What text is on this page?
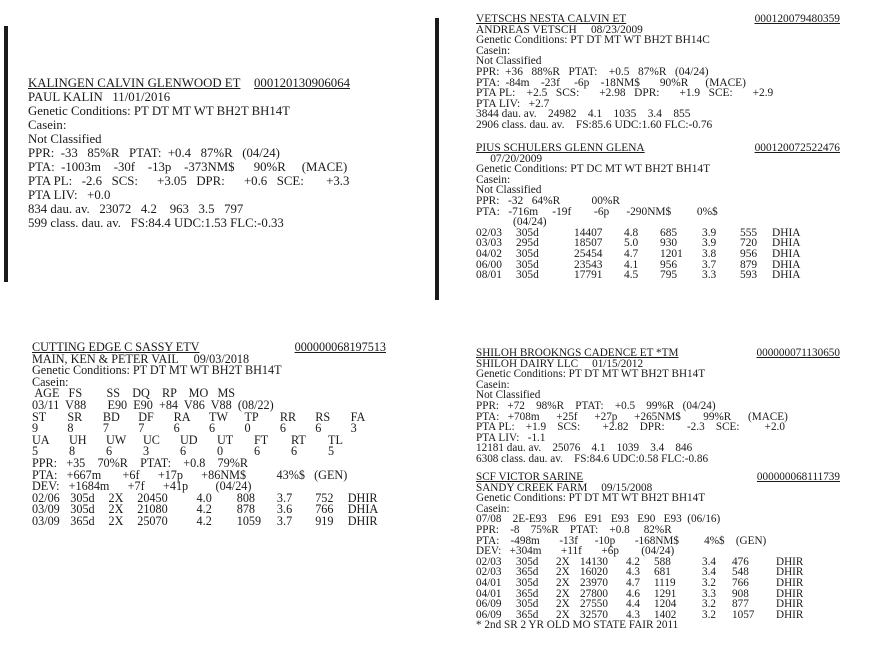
KALINGEN CALVIN GLENWOOD ET 000120130906064
PAUL KALIN   11/01/2016
Genetic Conditions: PT DT MT WT BH2T BH14T
Casein:
Not Classified
PPR:  -33   85%R   PTAT:  +0.4   87%R   (04/24)
PTA:  -1003m    -30f    -13p    -373NM$      90%R     (MACE)
PTA PL:   -2.6   SCS:      +3.05   DPR:      +0.6   SCE:       +3.3
PTA LIV:   +0.0
834 dau. av.   23072   4.2    963   3.5   797
599 class. dau. av.   FS:84.4 UDC:1.53 FLC:-0.33
VETSCHS NESTA CALVIN ET	000120079480359
ANDREAS VETSCH     08/23/2009
Genetic Conditions: PT DT MT WT BH2T BH14C
Casein:
Not Classified
PPR:  +36   88%R   PTAT:    +0.5   87%R   (04/24)
PTA:  -84m    -23f     -6p    -18NM$       90%R      (MACE)
PTA PL:    +2.5   SCS:       +2.98   DPR:       +1.9   SCE:       +2.9
PTA LIV:   +2.7
3844 dau. av.    24982    4.1    1035    3.4    855
2906 class. dau. av.    FS:85.6 UDC:1.60 FLC:-0.76
PIUS SCHULERS GLENN GLENA	000120072522476
07/20/2009
Genetic Conditions: PT DC MT WT BH2T BH14T
Casein:
Not Classified
PPR:   -32   64%R           00%R
PTA:   -716m     -19f        -6p      -290NM$         0%$
(04/24)
02/03	305d	14407	4.8	685	3.9	555	DHIA
03/03	295d	18507	5.0	930	3.9	720	DHIA
04/02	305d	25454	4.7	1201	3.8	956	DHIA
06/00	305d	23543	4.1	956	3.7	879	DHIA
08/01	305d	17791	4.5	795	3.3	593	DHIA
CUTTING EDGE C SASSY ETV	000000068197513
MAIN, KEN & PETER VAIL     09/03/2018
Genetic Conditions: PT DT MT WT BH2T BH14T
Casein:
AGE   FS        SS    DQ    RP    MO   MS
03/11  V88       E90  E90  +84  V86  V88  (08/22)
ST	SR	BD	DF	RA	TW	TP	RR	RS	FA
9	8	7	7	6	6	0	6	6	3
UA	UH	UW	UC	UD	UT	FT	RT	TL
5	8	6	3	6	0	6	6	5
PPR:   +35    70%R    PTAT:    +0.8    79%R
PTA:   +667m       +6f      +17p      +86NM$          43%$   (GEN)
DEV:   +1684m      +7f      +41p         (04/24)
02/06 305d	2X	20450	4.0	808	3.7	752	DHIR
03/09 305d	2X	21080	4.2	878	3.6	766	DHIA
03/09 365d	2X	25070	4.2	1059	3.7	919	DHIR
SHILOH BROOKNGS CADENCE ET *TM	000000071130650
SHILOH DAIRY LLC     01/15/2012
Genetic Conditions: PT DT MT WT BH2T BH14T
Casein:
Not Classified
PPR:   +72    98%R    PTAT:    +0.5    99%R   (04/24)
PTA:   +708m      +25f      +27p      +265NM$        99%R      (MACE)
PTA PL:    +1.9    SCS:        +2.82    DPR:        -2.3    SCE:         +2.0
PTA LIV:   -1.1
12181 dau. av.    25076    4.1    1039    3.4    846
6308 class. dau. av.    FS:84.6 UDC:0.58 FLC:-0.86
SCF VICTOR SARINE	000000068111739
SANDY CREEK FARM     09/15/2008
Genetic Conditions: PT DT MT WT BH2T BH14T
Casein:
07/08    2E-E93    E96   E91   E93   E90   E93  (06/16)
PPR:    -8    75%R    PTAT:    +0.8     82%R
PTA:    -498m       -13f      -10p       -168NM$         4%$    (GEN)
DEV:   +304m       +11f       +6p        (04/24)
02/03	305d	2X 14130	4.2	588	3.4	476	DHIR
02/03	365d	2X 16020	4.3	681	3.4	548	DHIR
04/01	305d	2X 23970	4.7	1119	3.2	766	DHIR
04/01	365d	2X 27800	4.6	1291	3.3	908	DHIR
06/09	305d	2X 27550	4.4	1204	3.2	877	DHIR
06/09	365d	2X 32570	4.3	1402	3.2	1057	DHIR
* 2nd SR 2 YR OLD MO STATE FAIR 2011
